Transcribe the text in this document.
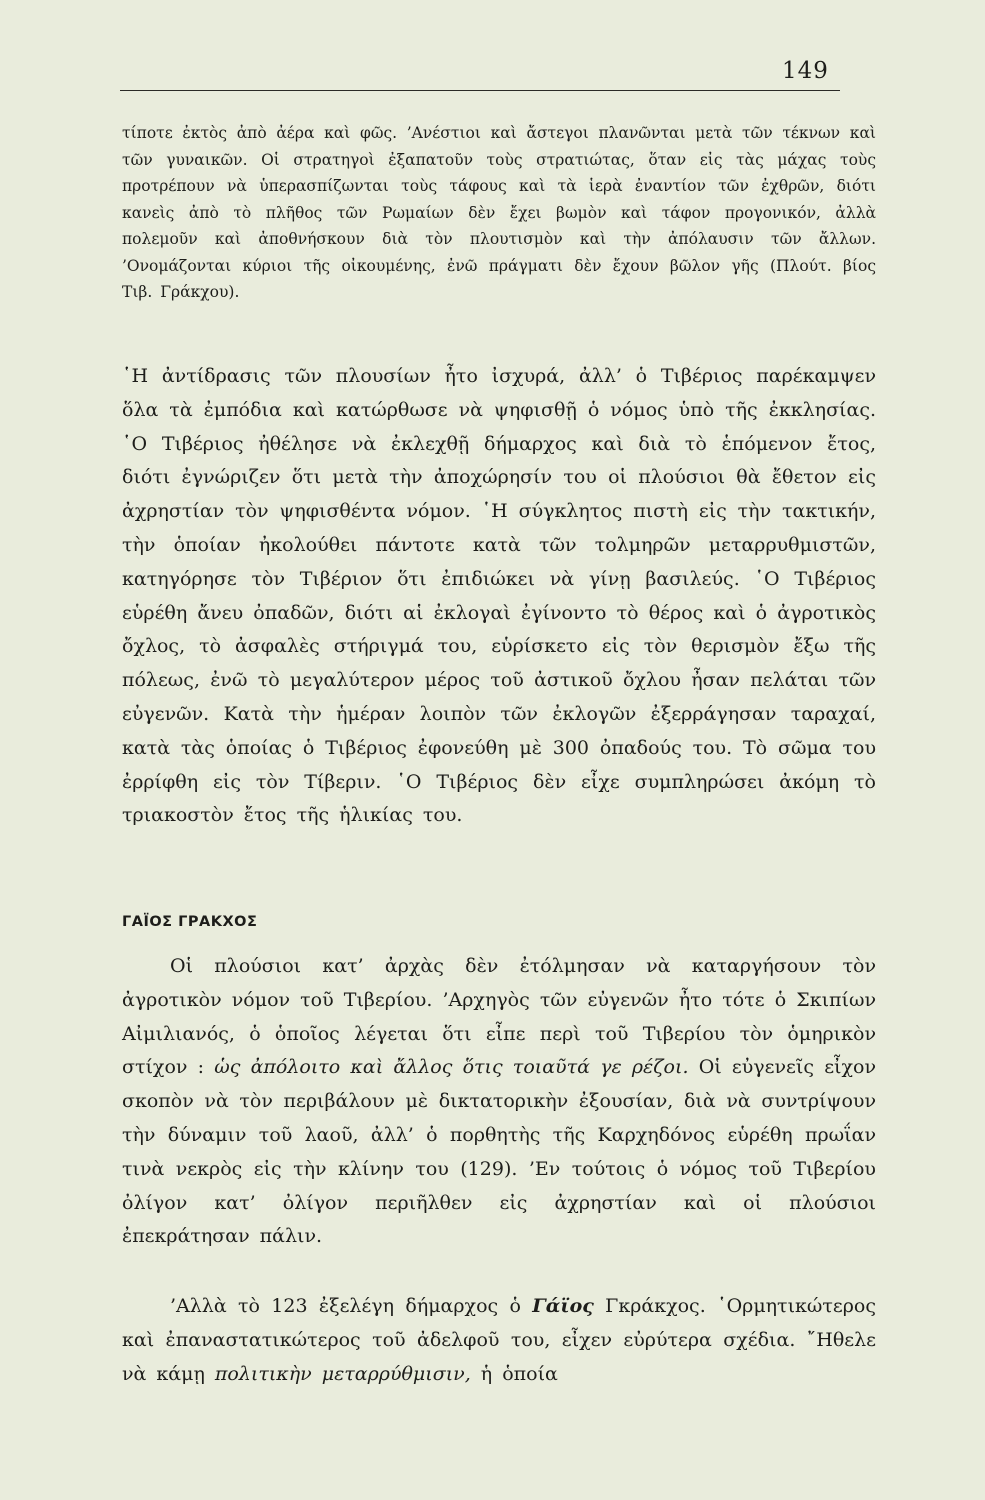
149

τίποτε ἐκτὸς ἀπὸ ἀέρα καὶ φῶς. ’Ανέστιοι καὶ ἄστεγοι πλανῶνται μετὰ τῶν τέκνων καὶ τῶν γυναικῶν. Οἱ στρατηγοὶ ἐξαπατοῦν τοὺς στρατιώτας, ὅταν εἰς τὰς μάχας τοὺς προτρέπουν νὰ ὑπερασπίζωνται τοὺς τάφους καὶ τὰ ἱερὰ ἐναντίον τῶν ἐχθρῶν, διότι κανεὶς ἀπὸ τὸ πλῆθος τῶν Ρωμαίων δὲν ἔχει βωμὸν καὶ τάφον προγονικόν, ἀλλὰ πολεμοῦν καὶ ἀποθνήσκουν διὰ τὸν πλουτισμὸν καὶ τὴν ἀπόλαυσιν τῶν ἄλλων. ’Ονομάζονται κύριοι τῆς οἰκουμένης, ἐνῶ πράγματι δὲν ἔχουν βῶλον γῆς (Πλούτ. βίος Τιβ. Γράκχου).

῾Η ἀντίδρασις τῶν πλουσίων ἦτο ἰσχυρά, ἀλλ’ ὁ Τιβέριος παρέκαμψεν ὅλα τὰ ἐμπόδια καὶ κατώρθωσε νὰ ψηφισθῇ ὁ νόμος ὑπὸ τῆς ἐκκλησίας. ῾Ο Τιβέριος ἠθέλησε νὰ ἐκλεχθῇ δήμαρχος καὶ διὰ τὸ ἑπόμενον ἔτος, διότι ἐγνώριζεν ὅτι μετὰ τὴν ἀποχώρησίν του οἱ πλούσιοι θὰ ἔθετον εἰς ἀχρηστίαν τὸν ψηφισθέντα νόμον. ῾Η σύγκλητος πιστὴ εἰς τὴν τακτικήν, τὴν ὁποίαν ἠκολούθει πάντοτε κατὰ τῶν τολμηρῶν μεταρρυθμιστῶν, κατηγόρησε τὸν Τιβέριον ὅτι ἐπιδιώκει νὰ γίνῃ βασιλεύς. ῾Ο Τιβέριος εὑρέθη ἄνευ ὀπαδῶν, διότι αἱ ἐκλογαὶ ἐγίνοντο τὸ θέρος καὶ ὁ ἀγροτικὸς ὄχλος, τὸ ἀσφαλὲς στήριγμά του, εὑρίσκετο εἰς τὸν θερισμὸν ἔξω τῆς πόλεως, ἐνῶ τὸ μεγαλύτερον μέρος τοῦ ἀστικοῦ ὄχλου ἦσαν πελάται τῶν εὐγενῶν. Κατὰ τὴν ἡμέραν λοιπὸν τῶν ἐκλογῶν ἐξερράγησαν ταραχαί, κατὰ τὰς ὁποίας ὁ Τιβέριος ἐφονεύθη μὲ 300 ὀπαδούς του. Τὸ σῶμα του ἐρρίφθη εἰς τὸν Τίβεριν. ῾Ο Τιβέριος δὲν εἶχε συμπληρώσει ἀκόμη τὸ τριακοστὸν ἔτος τῆς ἡλικίας του.

ΓΑΪΟΣ ΓΡΑΚΧΟΣ

Οἱ πλούσιοι κατ’ ἀρχὰς δὲν ἐτόλμησαν νὰ καταργήσουν τὸν ἀγροτικὸν νόμον τοῦ Τιβερίου. ’Αρχηγὸς τῶν εὐγενῶν ἦτο τότε ὁ Σκιπίων Αἰμιλιανός, ὁ ὁποῖος λέγεται ὅτι εἶπε περὶ τοῦ Τιβερίου τὸν ὁμηρικὸν στίχον : ὡς ἀπόλοιτο καὶ ἄλλος ὅτις τοιαῦτά γε ρέζοι. Οἱ εὐγενεῖς εἶχον σκοπὸν νὰ τὸν περιβάλουν μὲ δικτατορικὴν ἐξουσίαν, διὰ νὰ συντρίψουν τὴν δύναμιν τοῦ λαοῦ, ἀλλ’ ὁ πορθητὴς τῆς Καρχηδόνος εὑρέθη πρωΐαν τινὰ νεκρὸς εἰς τὴν κλίνην του (129). ’Εν τούτοις ὁ νόμος τοῦ Τιβερίου ὀλίγον κατ’ ὀλίγον περιῆλθεν εἰς ἀχρηστίαν καὶ οἱ πλούσιοι ἐπεκράτησαν πάλιν.

’Αλλὰ τὸ 123 ἐξελέγη δήμαρχος ὁ Γάϊος Γκράκχος. ῾Ορμητικώτερος καὶ ἐπαναστατικώτερος τοῦ ἀδελφοῦ του, εἶχεν εὐρύτερα σχέδια. ῎Ηθελε νὰ κάμῃ πολιτικὴν μεταρρύθμισιν, ἡ ὁποία
